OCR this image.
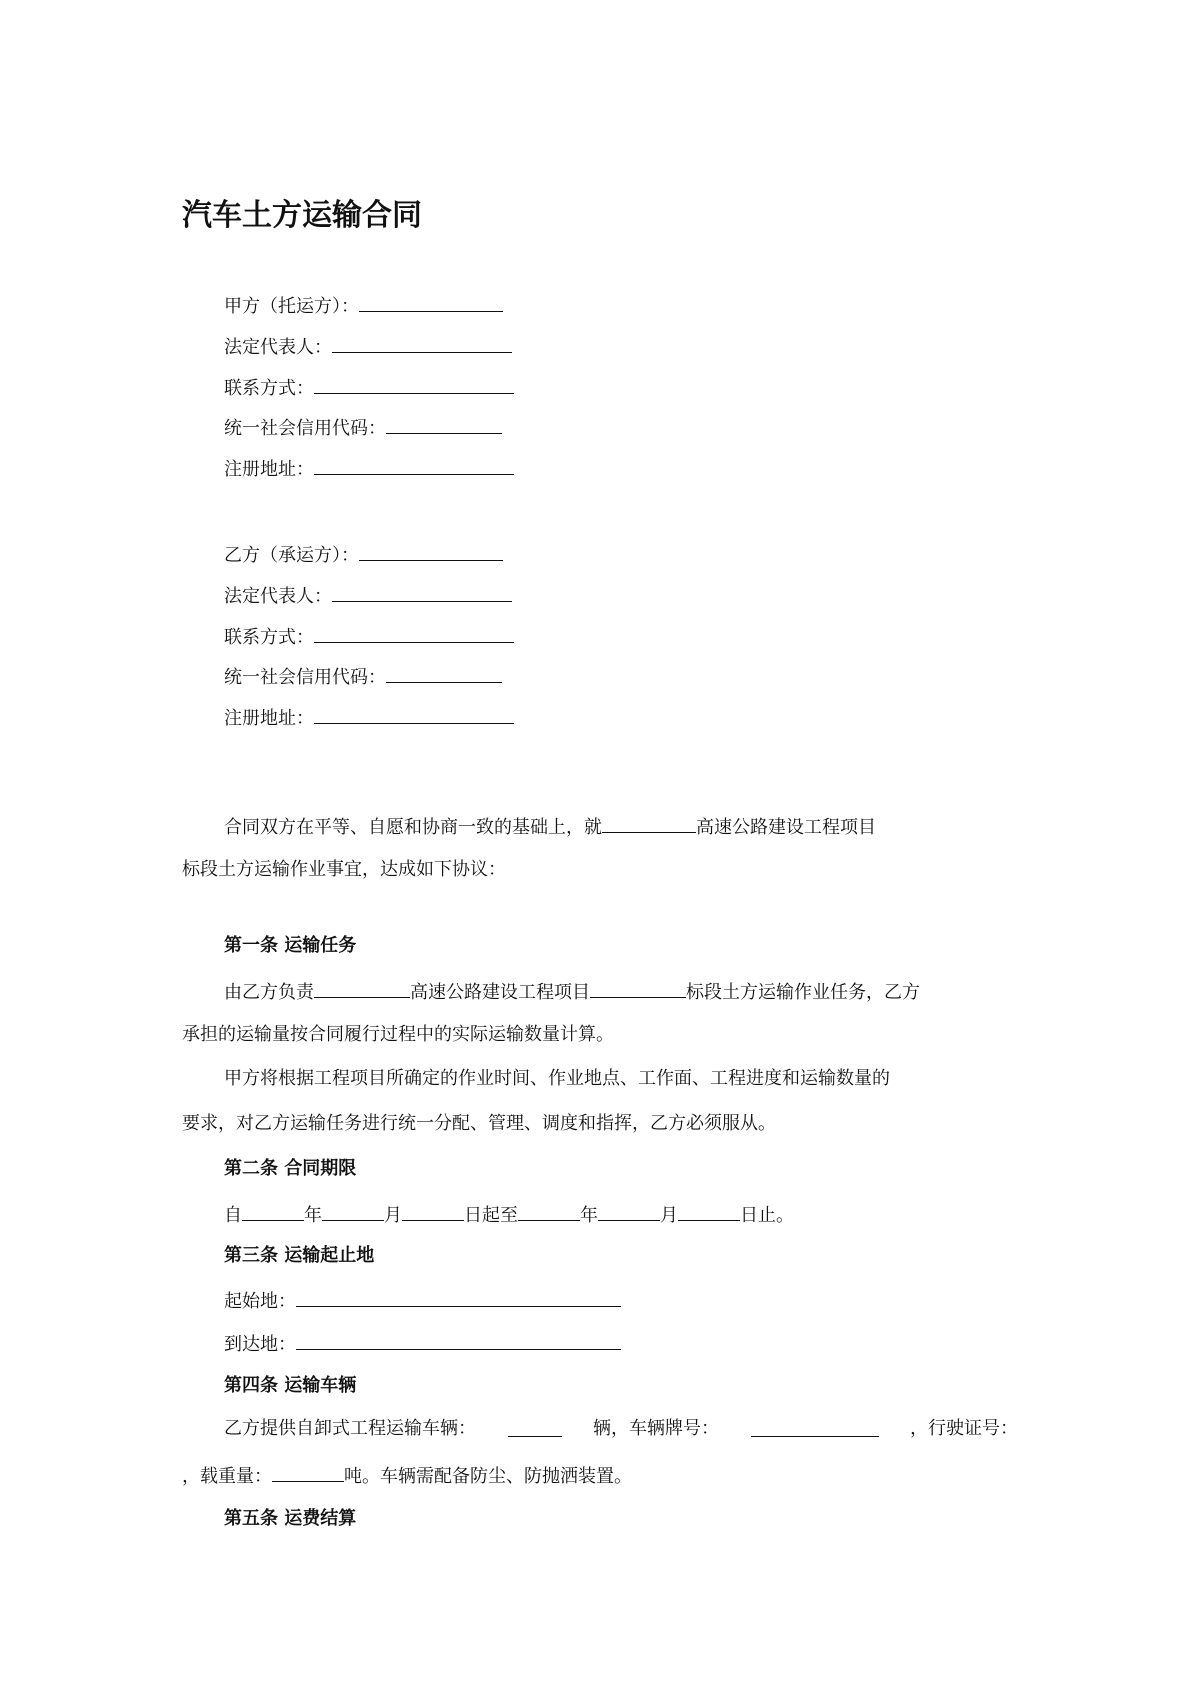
汽车土方运输合同
甲方（托运方）：
法定代表人：
联系方式：
统一社会信用代码：
注册地址：
乙方（承运方）：
法定代表人：
联系方式：
统一社会信用代码：
注册地址：
合同双方在平等、自愿和协商一致的基础上，就	高速公路建设工程项目
标段土方运输作业事宜，达成如下协议：
第一条 运输任务
由乙方负责	高速公路建设工程项目	标段土方运输作业任务，乙方
承担的运输量按合同履行过程中的实际运输数量计算。
甲方将根据工程项目所确定的作业时间、作业地点、工作面、工程进度和运输数量的
要求，对乙方运输任务进行统一分配、管理、调度和指挥，乙方必须服从。
第二条 合同期限
自	年	月	日起至	年	月	日止。
第三条 运输起止地
起始地：
到达地：
第四条 运输车辆
乙方提供自卸式工程运输车辆：	辆，车辆牌号：	，行驶证号：
，载重量：	吨。车辆需配备防尘、防抛洒装置。
第五条 运费结算
